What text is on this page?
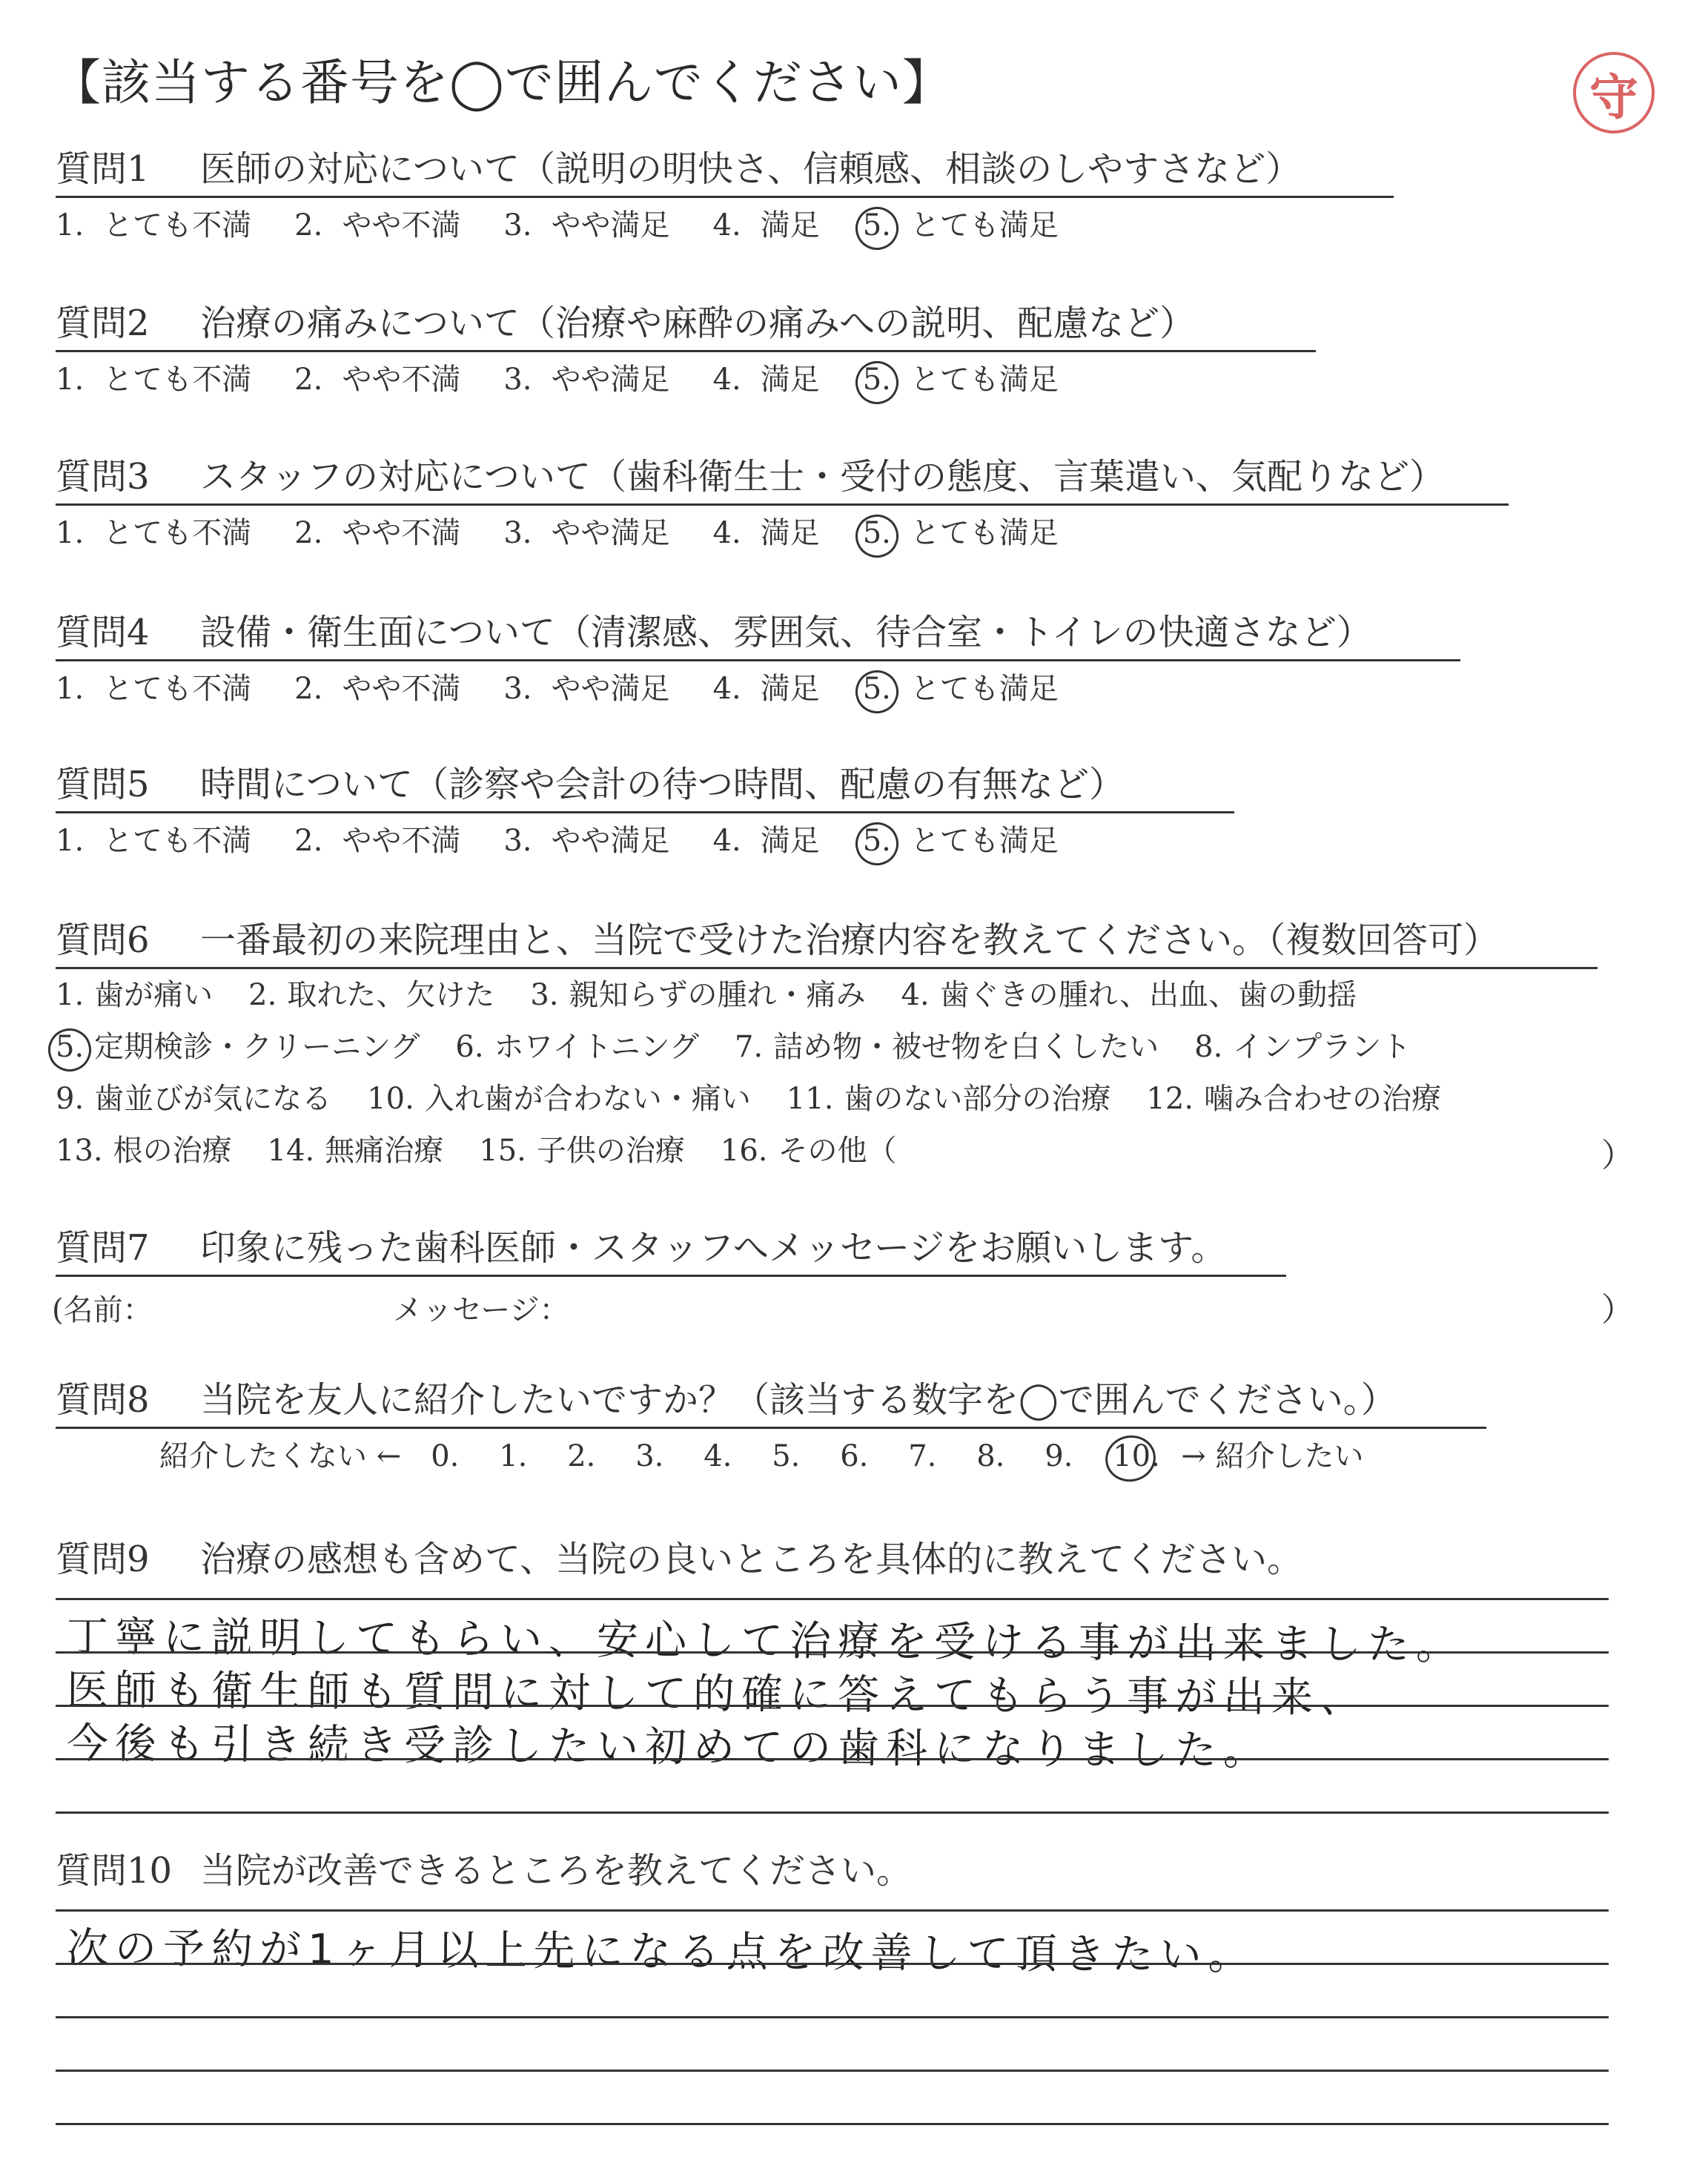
【該当する番号を◯で囲んでください】	守
質問1 医師の対応について（説明の明快さ、信頼感、相談のしやすさなど）
1. とても不満 2. やや不満 3. やや満足 4. 満足 5. とても満足
質問2 治療の痛みについて（治療や麻酔の痛みへの説明、配慮など）
1. とても不満 2. やや不満 3. やや満足 4. 満足 5. とても満足
質問3 スタッフの対応について（歯科衛生士・受付の態度、言葉遣い、気配りなど）
1. とても不満 2. やや不満 3. やや満足 4. 満足 5. とても満足
質問4 設備・衛生面について（清潔感、雰囲気、待合室・トイレの快適さなど）
1. とても不満 2. やや不満 3. やや満足 4. 満足 5. とても満足
質問5 時間について（診察や会計の待つ時間、配慮の有無など）
1. とても不満 2. やや不満 3. やや満足 4. 満足 5. とても満足
質問6 一番最初の来院理由と、当院で受けた治療内容を教えてください。（複数回答可）
1. 歯が痛い 2. 取れた、欠けた 3. 親知らずの腫れ・痛み 4. 歯ぐきの腫れ、出血、歯の動揺
5. 定期検診・クリーニング 6. ホワイトニング 7. 詰め物・被せ物を白くしたい 8. インプラント
9. 歯並びが気になる 10. 入れ歯が合わない・痛い 11. 歯のない部分の治療 12. 噛み合わせの治療
13. 根の治療 14. 無痛治療 15. 子供の治療 16. その他（	）
質問7 印象に残った歯科医師・スタッフへメッセージをお願いします。
(名前：	メッセージ：	）
質問8 当院を友人に紹介したいですか？（該当する数字を◯で囲んでください。）
紹介したくない ← 0. 1. 2. 3. 4. 5. 6. 7. 8. 9. 10. → 紹介したい
質問9 治療の感想も含めて、当院の良いところを具体的に教えてください。
丁寧に説明してもらい、安心して治療を受ける事が出来ました。
医師も衛生師も質問に対して的確に答えてもらう事が出来、
今後も引き続き受診したい初めての歯科になりました。
質問10 当院が改善できるところを教えてください。
次の予約が1ヶ月以上先になる点を改善して頂きたい。
